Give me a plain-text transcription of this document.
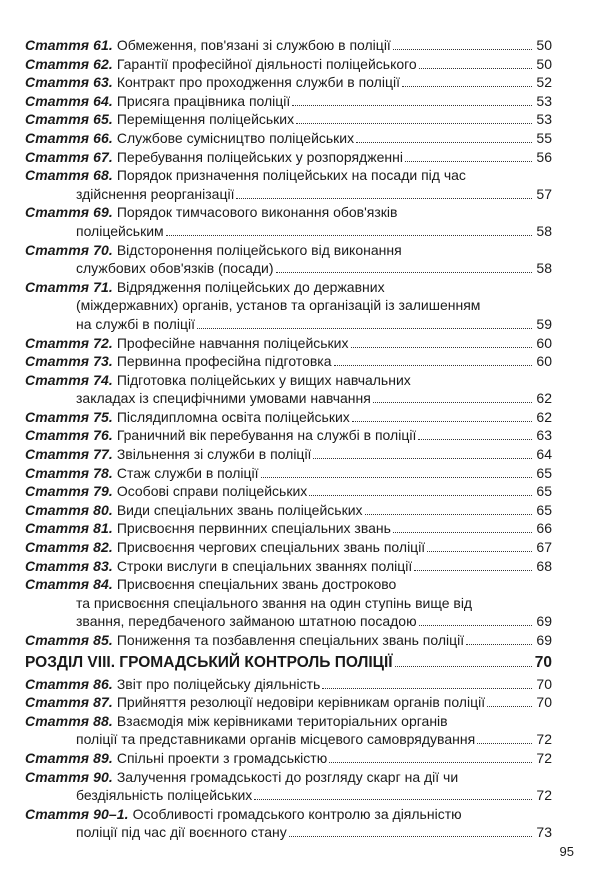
Стаття 61. Обмеження, пов'язані зі службою в поліції	50
Стаття 62. Гарантії професійної діяльності поліцейського	50
Стаття 63. Контракт про проходження служби в поліції	52
Стаття 64. Присяга працівника поліції	53
Стаття 65. Переміщення поліцейських	53
Стаття 66. Службове сумісництво поліцейських	55
Стаття 67. Перебування поліцейських у розпорядженні	56
Стаття 68. Порядок призначення поліцейських на посади під час
здійснення реорганізації	57
Стаття 69. Порядок тимчасового виконання обов'язків
поліцейським	58
Стаття 70. Відсторонення поліцейського від виконання
службових обов'язків (посади)	58
Стаття 71. Відрядження поліцейських до державних
(міждержавних) органів, установ та організацій із залишенням
на службі в поліції	59
Стаття 72. Професійне навчання поліцейських	60
Стаття 73. Первинна професійна підготовка	60
Стаття 74. Підготовка поліцейських у вищих навчальних
закладах із специфічними умовами навчання	62
Стаття 75. Післядипломна освіта поліцейських	62
Стаття 76. Граничний вік перебування на службі в поліції	63
Стаття 77. Звільнення зі служби в поліції	64
Стаття 78. Стаж служби в поліції	65
Стаття 79. Особові справи поліцейських	65
Стаття 80. Види спеціальних звань поліцейських	65
Стаття 81. Присвоєння первинних спеціальних звань	66
Стаття 82. Присвоєння чергових спеціальних звань поліції	67
Стаття 83. Строки вислуги в спеціальних званнях поліції	68
Стаття 84. Присвоєння спеціальних звань достроково
та присвоєння спеціального звання на один ступінь вище від
звання, передбаченого займаною штатною посадою	69
Стаття 85. Пониження та позбавлення спеціальних звань поліції	69
РОЗДІЛ VIII. ГРОМАДСЬКИЙ КОНТРОЛЬ ПОЛІЦІЇ	70
Стаття 86. Звіт про поліцейську діяльність	70
Стаття 87. Прийняття резолюції недовіри керівникам органів поліції	70
Стаття 88. Взаємодія між керівниками територіальних органів
поліції та представниками органів місцевого самоврядування	72
Стаття 89. Спільні проекти з громадськістю	72
Стаття 90. Залучення громадськості до розгляду скарг на дії чи
бездіяльність поліцейських	72
Стаття 90–1. Особливості громадського контролю за діяльністю
поліції під час дії воєнного стану	73
95
